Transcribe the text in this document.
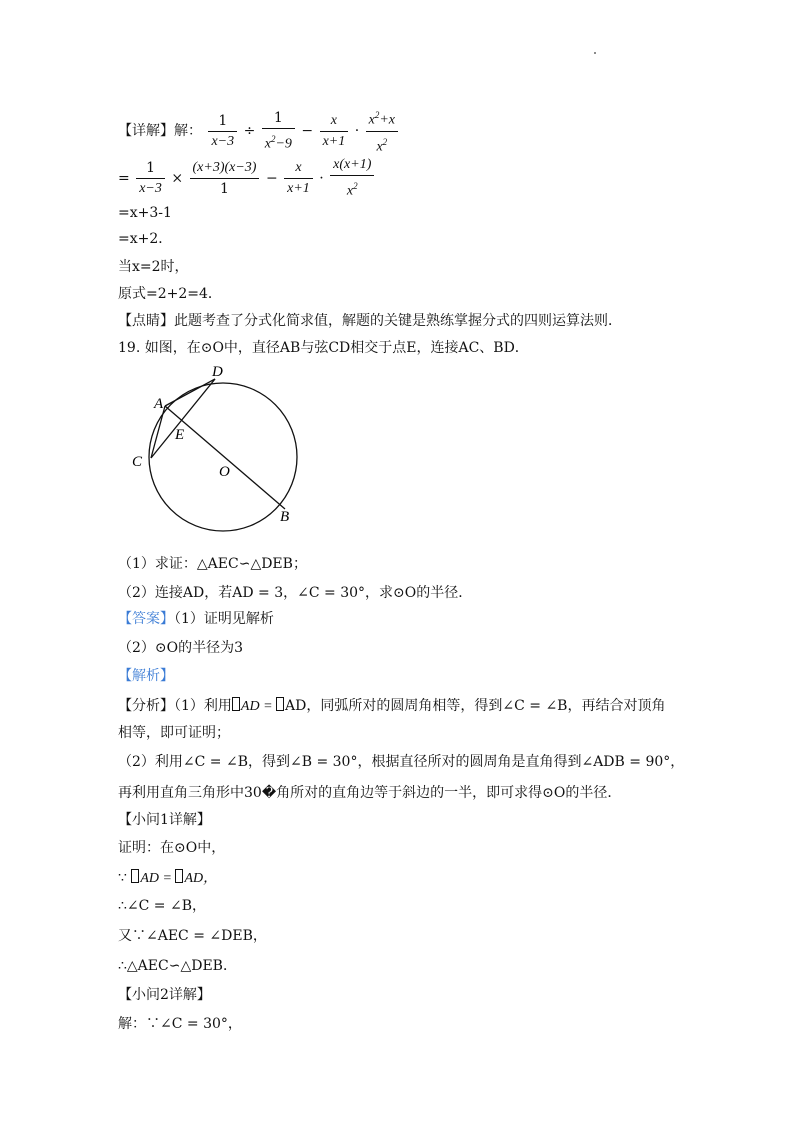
【详解】解： $\frac{1}{x-3} \div \frac{1}{x^2-9} - \frac{x}{x+1} \cdot \frac{x^2+x}{x^2}$
= $\frac{1}{x-3} \times \frac{(x+3)(x-3)}{1} - \frac{x}{x+1} \cdot \frac{x(x+1)}{x^2}$
=x+3-1
=x+2．
当x=2时，
原式=2+2=4．
【点睛】此题考查了分式化简求值，解题的关键是熟练掌握分式的四则运算法则．
19. 如图，在⊙O中，直径AB与弦CD相交于点E，连接AC、BD．
D
A
E
C
O
B
（1）求证：△AEC∽△DEB；
（2）连接AD，若AD = 3，∠C = 30°，求⊙O的半径．
【答案】（1）证明见解析
（2）⊙O的半径为3
【解析】
【分析】（1）利用 AD = AD，同弧所对的圆周角相等，得到∠C = ∠B，再结合对顶角
相等，即可证明；
（2）利用∠C = ∠B，得到∠B = 30°，根据直径所对的圆周角是直角得到∠ADB = 90°，
再利用直角三角形中30�角所对的直角边等于斜边的一半，即可求得⊙O的半径．
【小问1详解】
证明：在⊙O中，
∵ AD = AD，
∴∠C = ∠B，
又∵∠AEC = ∠DEB，
∴△AEC∽△DEB．
【小问2详解】
解：∵∠C = 30°，
